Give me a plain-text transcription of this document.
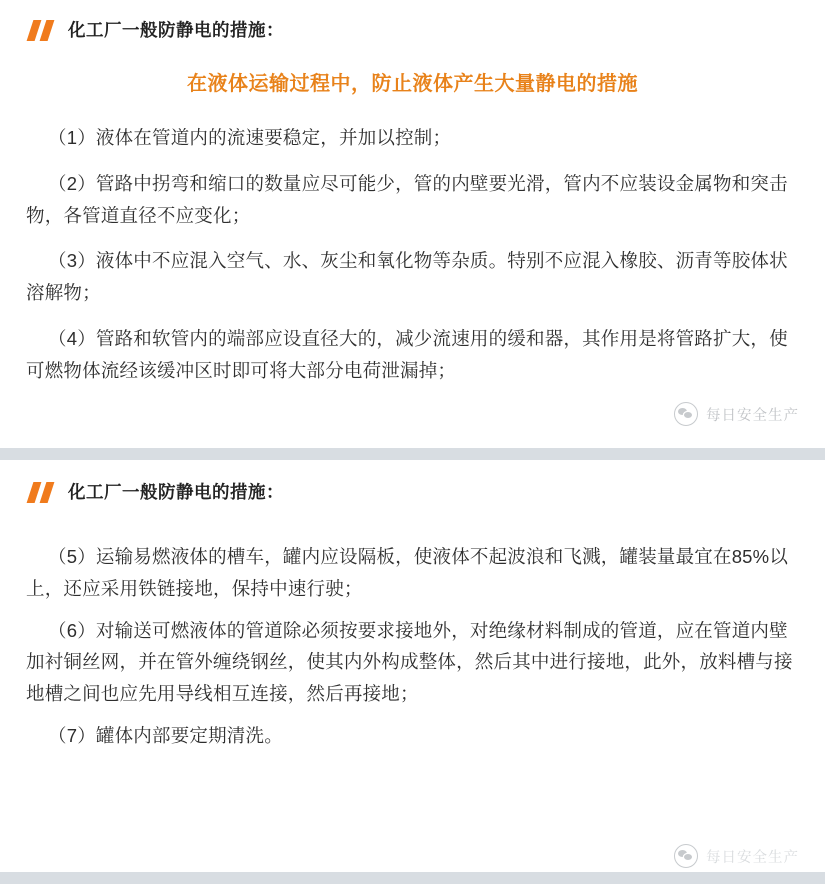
化工厂一般防静电的措施：
在液体运输过程中，防止液体产生大量静电的措施

（1）液体在管道内的流速要稳定，并加以控制；

（2）管路中拐弯和缩口的数量应尽可能少，管的内壁要光滑，管内不应装设金属物和突击物，各管道直径不应变化；

（3）液体中不应混入空气、水、灰尘和氧化物等杂质。特别不应混入橡胶、沥青等胶体状溶解物；

（4）管路和软管内的端部应设直径大的，减少流速用的缓和器，其作用是将管路扩大，使可燃物体流经该缓冲区时即可将大部分电荷泄漏掉；

每日安全生产
化工厂一般防静电的措施：

（5）运输易燃液体的槽车，罐内应设隔板，使液体不起波浪和飞溅，罐装量最宜在85%以上，还应采用铁链接地，保持中速行驶；

（6）对输送可燃液体的管道除必须按要求接地外，对绝缘材料制成的管道，应在管道内壁加衬铜丝网，并在管外缠绕钢丝，使其内外构成整体，然后其中进行接地，此外，放料槽与接地槽之间也应先用导线相互连接，然后再接地；

（7）罐体内部要定期清洗。

每日安全生产
